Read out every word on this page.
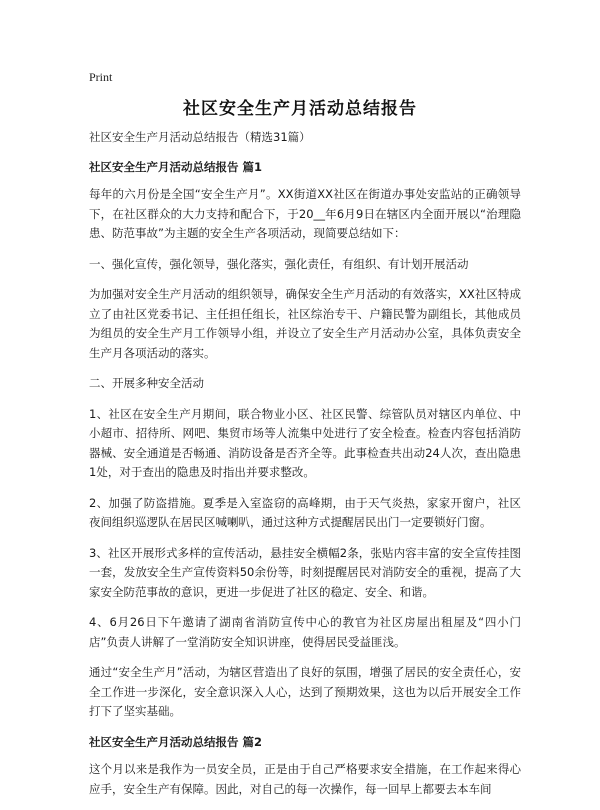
Print
社区安全生产月活动总结报告

社区安全生产月活动总结报告（精选31篇）

社区安全生产月活动总结报告 篇1

每年的六月份是全国“安全生产月”。XX街道XX社区在街道办事处安监站的正确领导下，在社区群众的大力支持和配合下，于20__年6月9日在辖区内全面开展以“治理隐患、防范事故”为主题的安全生产各项活动，现简要总结如下：

一、强化宣传，强化领导，强化落实，强化责任，有组织、有计划开展活动

为加强对安全生产月活动的组织领导，确保安全生产月活动的有效落实，XX社区特成立了由社区党委书记、主任担任组长，社区综治专干、户籍民警为副组长，其他成员为组员的安全生产月工作领导小组，并设立了安全生产月活动办公室，具体负责安全生产月各项活动的落实。

二、开展多种安全活动

1、社区在安全生产月期间，联合物业小区、社区民警、综管队员对辖区内单位、中小超市、招待所、网吧、集贸市场等人流集中处进行了安全检查。检查内容包括消防器械、安全通道是否畅通、消防设备是否齐全等。此事检查共出动24人次，查出隐患1处，对于查出的隐患及时指出并要求整改。

2、加强了防盗措施。夏季是入室盗窃的高峰期，由于天气炎热，家家开窗户，社区夜间组织巡逻队在居民区喊喇叭，通过这种方式提醒居民出门一定要锁好门窗。

3、社区开展形式多样的宣传活动，悬挂安全横幅2条，张贴内容丰富的安全宣传挂图一套，发放安全生产宣传资料50余份等，时刻提醒居民对消防安全的重视，提高了大家安全防范事故的意识，更进一步促进了社区的稳定、安全、和谐。

4、6月26日下午邀请了湖南省消防宣传中心的教官为社区房屋出租屋及“四小门店”负责人讲解了一堂消防安全知识讲座，使得居民受益匪浅。

通过“安全生产月”活动，为辖区营造出了良好的氛围，增强了居民的安全责任心，安全工作进一步深化，安全意识深入人心，达到了预期效果，这也为以后开展安全工作打下了坚实基础。

社区安全生产月活动总结报告 篇2

这个月以来是我作为一员安全员，正是由于自己严格要求安全措施，在工作起来得心应手，安全生产有保障。因此，对自己的每一次操作，每一回早上都要去本车间
